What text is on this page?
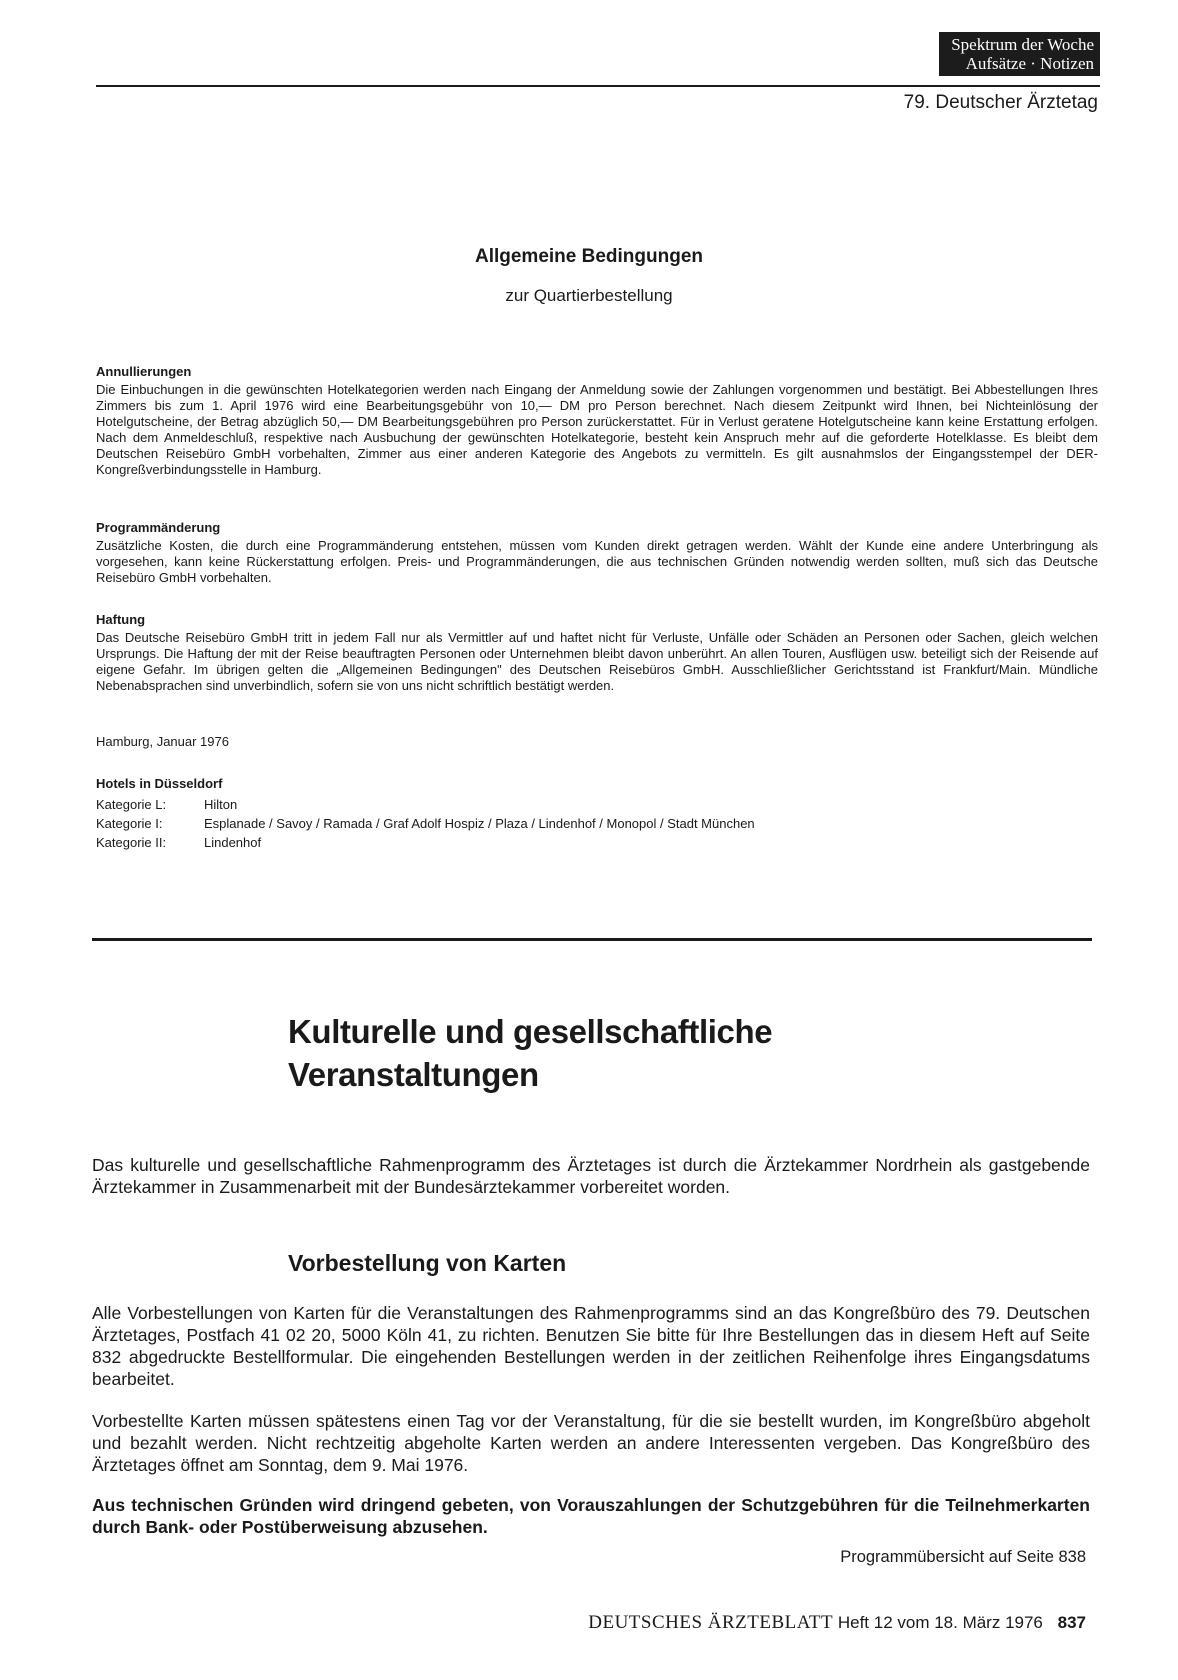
Spektrum der Woche
Aufsätze · Notizen
79. Deutscher Ärztetag
Allgemeine Bedingungen
zur Quartierbestellung
Annullierungen

Die Einbuchungen in die gewünschten Hotelkategorien werden nach Eingang der Anmeldung sowie der Zahlungen vorgenommen und bestätigt. Bei Abbestellungen Ihres Zimmers bis zum 1. April 1976 wird eine Bearbeitungsgebühr von 10,— DM pro Person berechnet. Nach diesem Zeitpunkt wird Ihnen, bei Nichteinlösung der Hotelgutscheine, der Betrag abzüglich 50,— DM Bearbeitungsgebühren pro Person zurückerstattet. Für in Verlust geratene Hotelgutscheine kann keine Erstattung erfolgen. Nach dem Anmeldeschluß, respektive nach Ausbuchung der gewünschten Hotelkategorie, besteht kein Anspruch mehr auf die geforderte Hotelklasse. Es bleibt dem Deutschen Reisebüro GmbH vorbehalten, Zimmer aus einer anderen Kategorie des Angebots zu vermitteln. Es gilt ausnahmslos der Eingangsstempel der DER-Kongreßverbindungsstelle in Hamburg.

Programmänderung

Zusätzliche Kosten, die durch eine Programmänderung entstehen, müssen vom Kunden direkt getragen werden. Wählt der Kunde eine andere Unterbringung als vorgesehen, kann keine Rückerstattung erfolgen. Preis- und Programmänderungen, die aus technischen Gründen notwendig werden sollten, muß sich das Deutsche Reisebüro GmbH vorbehalten.

Haftung

Das Deutsche Reisebüro GmbH tritt in jedem Fall nur als Vermittler auf und haftet nicht für Verluste, Unfälle oder Schäden an Personen oder Sachen, gleich welchen Ursprungs. Die Haftung der mit der Reise beauftragten Personen oder Unternehmen bleibt davon unberührt. An allen Touren, Ausflügen usw. beteiligt sich der Reisende auf eigene Gefahr. Im übrigen gelten die „Allgemeinen Bedingungen" des Deutschen Reisebüros GmbH. Ausschließlicher Gerichtsstand ist Frankfurt/Main. Mündliche Nebenabsprachen sind unverbindlich, sofern sie von uns nicht schriftlich bestätigt werden.

Hamburg, Januar 1976
Hotels in Düsseldorf
Kategorie L:	Hilton
Kategorie I:	Esplanade / Savoy / Ramada / Graf Adolf Hospiz / Plaza / Lindenhof / Monopol / Stadt München
Kategorie II:	Lindenhof
Kulturelle und gesellschaftliche
Veranstaltungen

Das kulturelle und gesellschaftliche Rahmenprogramm des Ärztetages ist durch die Ärztekammer Nordrhein als gastgebende Ärztekammer in Zusammenarbeit mit der Bundesärztekammer vorbereitet worden.

Vorbestellung von Karten

Alle Vorbestellungen von Karten für die Veranstaltungen des Rahmenprogramms sind an das Kongreßbüro des 79. Deutschen Ärztetages, Postfach 41 02 20, 5000 Köln 41, zu richten. Benutzen Sie bitte für Ihre Bestellungen das in diesem Heft auf Seite 832 abgedruckte Bestellformular. Die eingehenden Bestellungen werden in der zeitlichen Reihenfolge ihres Eingangsdatums bearbeitet.

Vorbestellte Karten müssen spätestens einen Tag vor der Veranstaltung, für die sie bestellt wurden, im Kongreßbüro abgeholt und bezahlt werden. Nicht rechtzeitig abgeholte Karten werden an andere Interessenten vergeben. Das Kongreßbüro des Ärztetages öffnet am Sonntag, dem 9. Mai 1976.

Aus technischen Gründen wird dringend gebeten, von Vorauszahlungen der Schutzgebühren für die Teilnehmerkarten durch Bank- oder Postüberweisung abzusehen.

Programmübersicht auf Seite 838
DEUTSCHES ÄRZTEBLATT Heft 12 vom 18. März 1976 837
